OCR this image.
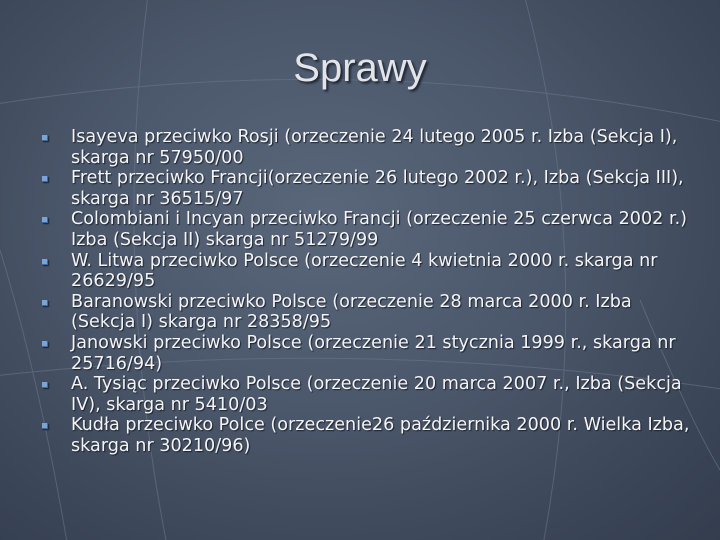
Sprawy
Isayeva przeciwko Rosji (orzeczenie 24 lutego 2005 r. Izba (Sekcja I), skarga nr 57950/00
Frett przeciwko Francji(orzeczenie 26 lutego 2002 r.), Izba (Sekcja III), skarga nr 36515/97
Colombiani i Incyan przeciwko Francji (orzeczenie 25 czerwca 2002 r.) Izba (Sekcja II) skarga nr 51279/99
W. Litwa przeciwko Polsce (orzeczenie 4 kwietnia 2000 r. skarga nr 26629/95
Baranowski przeciwko Polsce (orzeczenie 28 marca 2000 r. Izba (Sekcja I) skarga nr 28358/95
Janowski przeciwko Polsce (orzeczenie 21 stycznia 1999 r., skarga nr 25716/94)
A. Tysiąc przeciwko Polsce (orzeczenie 20 marca 2007 r., Izba (Sekcja IV), skarga nr 5410/03
Kudła przeciwko Polce (orzeczenie26 października 2000 r. Wielka Izba, skarga nr 30210/96)
